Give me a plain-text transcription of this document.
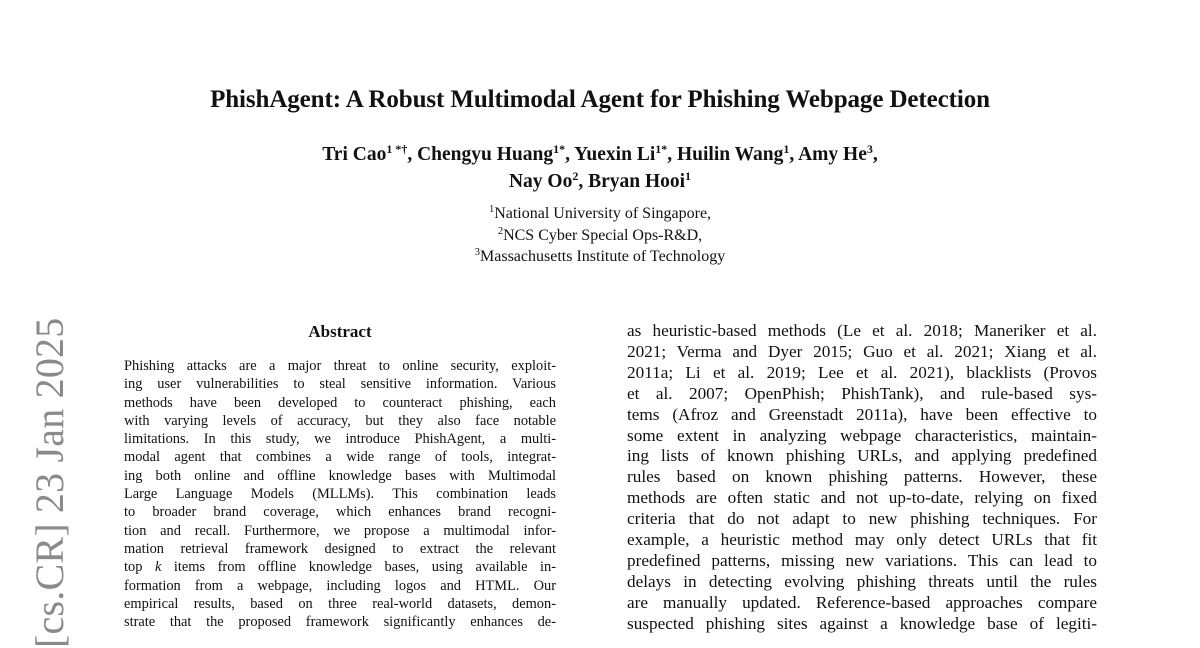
PhishAgent: A Robust Multimodal Agent for Phishing Webpage Detection
Tri Cao$^{1 *\dagger}$, Chengyu Huang$^{1*}$, Yuexin $Li^{1*}$, Huilin Wang$^1$, Amy He$^3$,
Nay Oo$^2$, Bryan Hooi$^1$
$^1$National University of Singapore,
$^2$NCS Cyber Special Ops-R&D,
$^3$Massachusetts Institute of Technology
[cs.CR] 23 Jan 2025	Abstract
Phishing attacks are a major threat to online security, exploit-
ing user vulnerabilities to steal sensitive information. Various
methods have been developed to counteract phishing, each
with varying levels of accuracy, but they also face notable
limitations. In this study, we introduce PhishAgent, a multi-
modal agent that combines a wide range of tools, integrat-
ing both online and offline knowledge bases with Multimodal
Large Language Models (MLLMs). This combination leads
to broader brand coverage, which enhances brand recogni-
tion and recall. Furthermore, we propose a multimodal infor-
mation retrieval framework designed to extract the relevant
top k items from offline knowledge bases, using available in-
formation from a webpage, including logos and HTML. Our
empirical results, based on three real-world datasets, demon-
strate that the proposed framework significantly enhances de-
as heuristic-based methods (Le et al. 2018; Maneriker et al.
2021; Verma and Dyer 2015; Guo et al. 2021; Xiang et al.
2011a; Li et al. 2019; Lee et al. 2021), blacklists (Provos
et al. 2007; OpenPhish; PhishTank), and rule-based sys-
tems (Afroz and Greenstadt 2011a), have been effective to
some extent in analyzing webpage characteristics, maintain-
ing lists of known phishing URLs, and applying predefined
rules based on known phishing patterns. However, these
methods are often static and not up-to-date, relying on fixed
criteria that do not adapt to new phishing techniques. For
example, a heuristic method may only detect URLs that fit
predefined patterns, missing new variations. This can lead to
delays in detecting evolving phishing threats until the rules
are manually updated. Reference-based approaches compare
suspected phishing sites against a knowledge base of legiti-
